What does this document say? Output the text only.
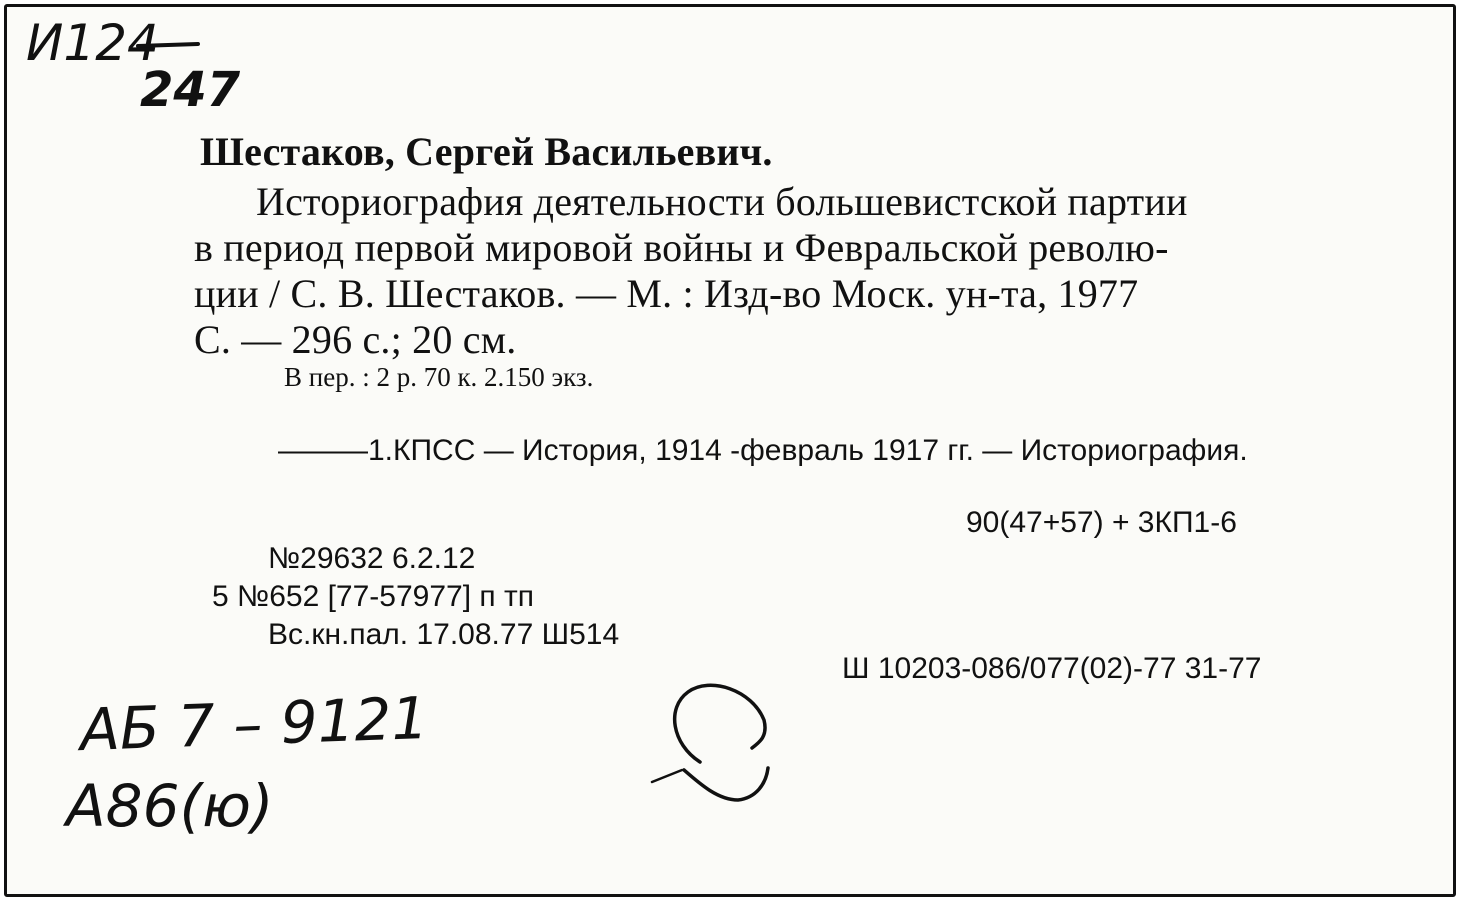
И124
247
Шестаков, Сергей Васильевич.
Историография деятельности большевистской партии
в период первой мировой войны и Февральской револю-
ции / С. В. Шестаков. — М. : Изд-во Моск. ун-та, 1977
С. — 296 с.; 20 см.
В пер. : 2 р. 70 к. 2.150 экз.
———1.КПСС — История, 1914 -февраль 1917 гг. — Историография.
90(47+57) + 3КП1-6
№29632 6.2.12
5 №652 [77-57977] п тп
Вс.кн.пал. 17.08.77 Ш514
Ш 10203-086/077(02)-77 31-77
АБ 7 – 9121
А86(ю)
